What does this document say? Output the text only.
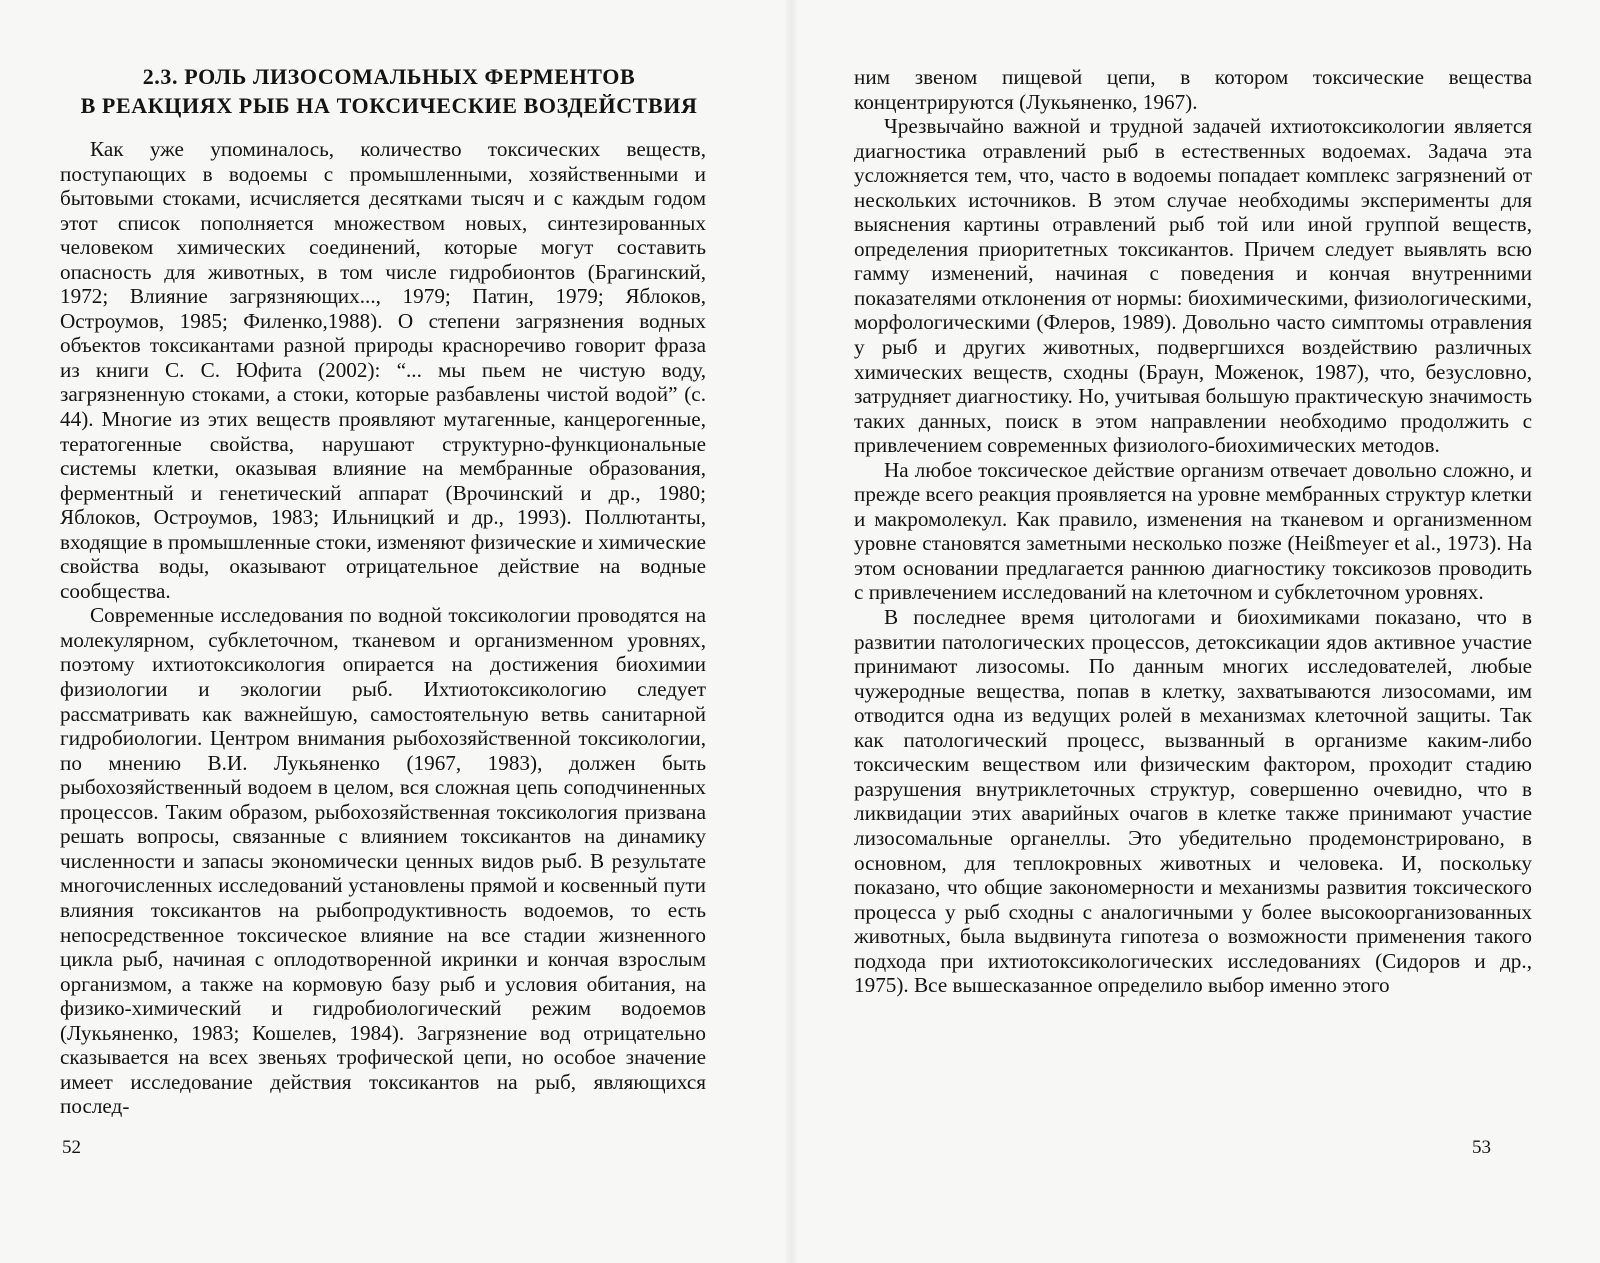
2.3. РОЛЬ ЛИЗОСОМАЛЬНЫХ ФЕРМЕНТОВ
В РЕАКЦИЯХ РЫБ НА ТОКСИЧЕСКИЕ ВОЗДЕЙСТВИЯ

Как уже упоминалось, количество токсических веществ, поступающих в водоемы с промышленными, хозяйственными и бытовыми стоками, исчисляется десятками тысяч и с каждым годом этот список пополняется множеством новых, синтезированных человеком химических соединений, которые могут составить опасность для животных, в том числе гидробионтов (Брагинский, 1972; Влияние загрязняющих..., 1979; Патин, 1979; Яблоков, Остроумов, 1985; Филенко,1988). О степени загрязнения водных объектов токсикантами разной природы красноречиво говорит фраза из книги С. С. Юфита (2002): “... мы пьем не чистую воду, загрязненную стоками, а стоки, которые разбавлены чистой водой” (с. 44). Многие из этих веществ проявляют мутагенные, канцерогенные, тератогенные свойства, нарушают структурно-функциональные системы клетки, оказывая влияние на мембранные образования, ферментный и генетический аппарат (Врочинский и др., 1980; Яблоков, Остроумов, 1983; Ильницкий и др., 1993). Поллютанты, входящие в промышленные стоки, изменяют физические и химические свойства воды, оказывают отрицательное действие на водные сообщества.

Современные исследования по водной токсикологии проводятся на молекулярном, субклеточном, тканевом и организменном уровнях, поэтому ихтиотоксикология опирается на достижения биохимии физиологии и экологии рыб. Ихтиотоксикологию следует рассматривать как важнейшую, самостоятельную ветвь санитарной гидробиологии. Центром внимания рыбохозяйственной токсикологии, по мнению В.И. Лукьяненко (1967, 1983), должен быть рыбохозяйственный водоем в целом, вся сложная цепь соподчиненных процессов. Таким образом, рыбохозяйственная токсикология призвана решать вопросы, связанные с влиянием токсикантов на динамику численности и запасы экономически ценных видов рыб. В результате многочисленных исследований установлены прямой и косвенный пути влияния токсикантов на рыбопродуктивность водоемов, то есть непосредственное токсическое влияние на все стадии жизненного цикла рыб, начиная с оплодотворенной икринки и кончая взрослым организмом, а также на кормовую базу рыб и условия обитания, на физико-химический и гидробиологический режим водоемов (Лукьяненко, 1983; Кошелев, 1984). Загрязнение вод отрицательно сказывается на всех звеньях трофической цепи, но особое значение имеет исследование действия токсикантов на рыб, являющихся послед-

52

ним звеном пищевой цепи, в котором токсические вещества концентрируются (Лукьяненко, 1967).

Чрезвычайно важной и трудной задачей ихтиотоксикологии является диагностика отравлений рыб в естественных водоемах. Задача эта усложняется тем, что, часто в водоемы попадает комплекс загрязнений от нескольких источников. В этом случае необходимы эксперименты для выяснения картины отравлений рыб той или иной группой веществ, определения приоритетных токсикантов. Причем следует выявлять всю гамму изменений, начиная с поведения и кончая внутренними показателями отклонения от нормы: биохимическими, физиологическими, морфологическими (Флеров, 1989). Довольно часто симптомы отравления у рыб и других животных, подвергшихся воздействию различных химических веществ, сходны (Браун, Моженок, 1987), что, безусловно, затрудняет диагностику. Но, учитывая большую практическую значимость таких данных, поиск в этом направлении необходимо продолжить с привлечением современных физиолого-биохимических методов.

На любое токсическое действие организм отвечает довольно сложно, и прежде всего реакция проявляется на уровне мембранных структур клетки и макромолекул. Как правило, изменения на тканевом и организменном уровне становятся заметными несколько позже (Heißmeyer et al., 1973). На этом основании предлагается раннюю диагностику токсикозов проводить с привлечением исследований на клеточном и субклеточном уровнях.

В последнее время цитологами и биохимиками показано, что в развитии патологических процессов, детоксикации ядов активное участие принимают лизосомы. По данным многих исследователей, любые чужеродные вещества, попав в клетку, захватываются лизосомами, им отводится одна из ведущих ролей в механизмах клеточной защиты. Так как патологический процесс, вызванный в организме каким-либо токсическим веществом или физическим фактором, проходит стадию разрушения внутриклеточных структур, совершенно очевидно, что в ликвидации этих аварийных очагов в клетке также принимают участие лизосомальные органеллы. Это убедительно продемонстрировано, в основном, для теплокровных животных и человека. И, поскольку показано, что общие закономерности и механизмы развития токсического процесса у рыб сходны с аналогичными у более высокоорганизованных животных, была выдвинута гипотеза о возможности применения такого подхода при ихтиотоксикологических исследованиях (Сидоров и др., 1975). Все вышесказанное определило выбор именно этого

53
